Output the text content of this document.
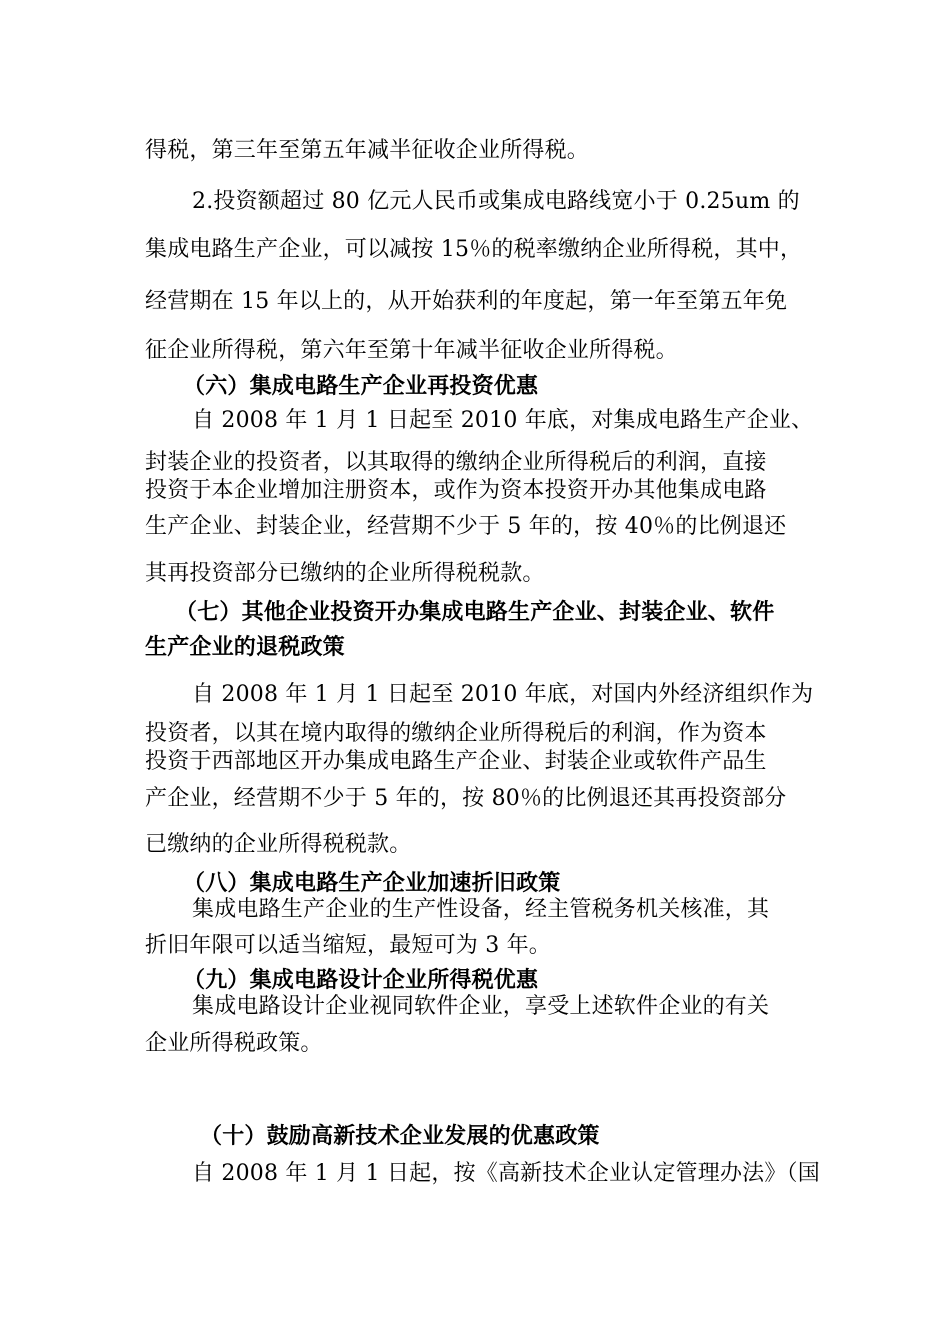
得税，第三年至第五年减半征收企业所得税。
2.投资额超过 80 亿元人民币或集成电路线宽小于 0.25um 的
集成电路生产企业，可以减按 15％的税率缴纳企业所得税，其中，
经营期在 15 年以上的，从开始获利的年度起，第一年至第五年免
征企业所得税，第六年至第十年减半征收企业所得税。
（六）集成电路生产企业再投资优惠
自 2008 年 1 月 1 日起至 2010 年底，对集成电路生产企业、
封装企业的投资者，以其取得的缴纳企业所得税后的利润，直接
投资于本企业增加注册资本，或作为资本投资开办其他集成电路
生产企业、封装企业，经营期不少于 5 年的，按 40％的比例退还
其再投资部分已缴纳的企业所得税税款。
（七）其他企业投资开办集成电路生产企业、封装企业、软件
生产企业的退税政策
自 2008 年 1 月 1 日起至 2010 年底，对国内外经济组织作为
投资者，以其在境内取得的缴纳企业所得税后的利润，作为资本
投资于西部地区开办集成电路生产企业、封装企业或软件产品生
产企业，经营期不少于 5 年的，按 80％的比例退还其再投资部分
已缴纳的企业所得税税款。
（八）集成电路生产企业加速折旧政策
集成电路生产企业的生产性设备，经主管税务机关核准，其
折旧年限可以适当缩短，最短可为 3 年。
（九）集成电路设计企业所得税优惠
集成电路设计企业视同软件企业，享受上述软件企业的有关
企业所得税政策。
（十）鼓励高新技术企业发展的优惠政策
自 2008 年 1 月 1 日起，按《高新技术企业认定管理办法》（国
